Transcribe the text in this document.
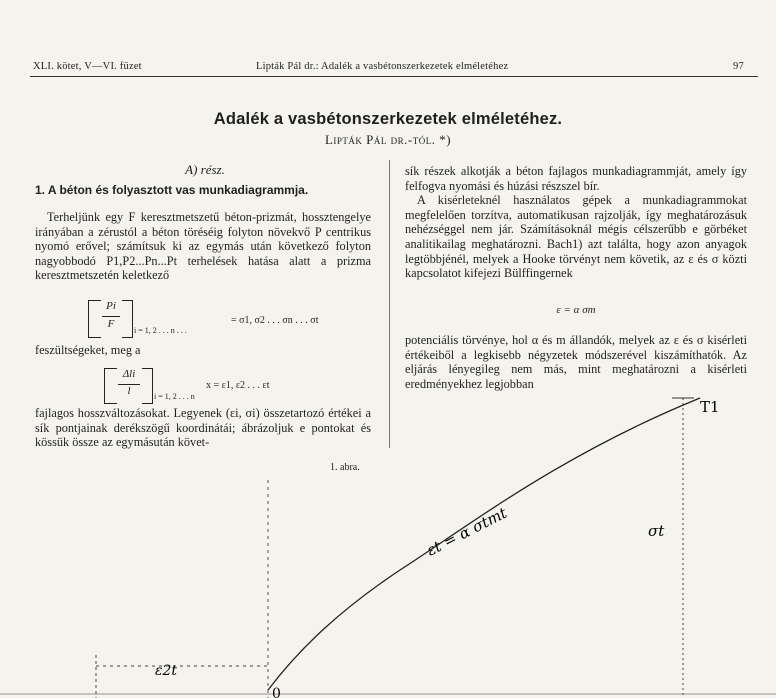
XLI. kötet, V—VI. füzet	Lipták Pál dr.: Adalék a vasbétonszerkezetek elméletéhez	97
Adalék a vasbétonszerkezetek elméletéhez.
Lipták Pál dr.-tól. *)
A) rész.
1. A béton és folyasztott vas munkadiagrammja.

Terheljünk egy F keresztmetszetű béton-prizmát, hossztengelye irányában a zérustól a béton töréséig folyton növekvő P centrikus nyomó erővel; számítsuk ki az egymás után következő folyton nagyobbodó P1,P2...Pn...Pt terhelések hatása alatt a prizma keresztmetszetén keletkező

Pi
F
i = 1, 2 . . . n . . .
= σ1, σ2 . . . σn . . . σt

feszültségeket, meg a

Δli
l	i = 1, 2 . . . n
x = ε1, ε2 . . . εt

fajlagos hosszváltozásokat. Legyenek (εi, σi) összetartozó értékei a sík pontjainak derékszögű koordinátái; ábrázoljuk e pontokat és kössük össze az egymásután követ-

sík részek alkotják a béton fajlagos munkadiagrammját, amely így felfogva nyomási és húzási részszel bír.

A kisérleteknél használatos gépek a munkadiagrammokat megfelelően torzítva, automatikusan rajzolják, így meghatározásuk nehézséggel nem jár. Számításoknál mégis célszerűbb e görbéket analitikailag meghatározni. Bach1) azt találta, hogy azon anyagok legtöbbjénél, melyek a Hooke törvényt nem követik, az ε és σ közti kapcsolatot kifejezi Bülffingernek

ε = α σm

potenciális törvénye, hol α és m állandók, melyek az ε és σ kisérleti értékeiből a legkisebb négyzetek módszerével kiszámíthatók. Az eljárás lényegileg nem más, mint meghatározni a kisérleti eredményekhez legjobban

1. abra.
T1
σt
ε2t
0
εt = α σtmt
